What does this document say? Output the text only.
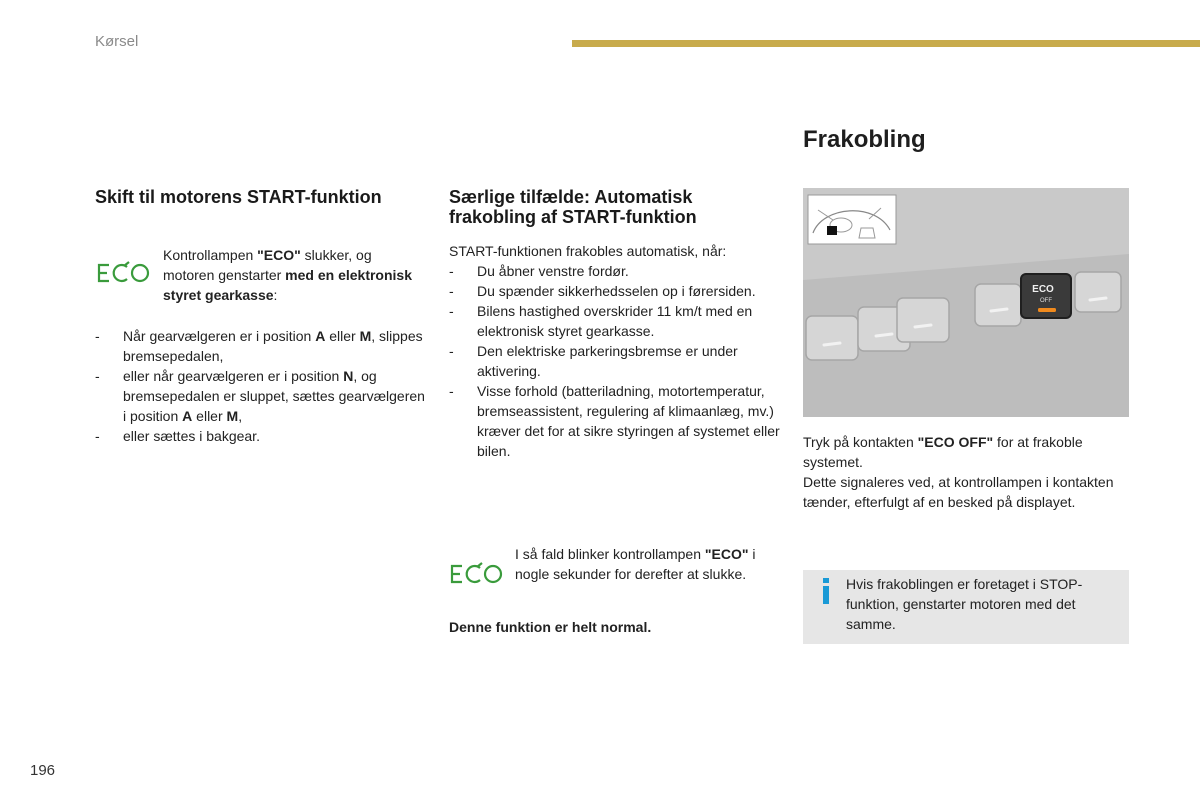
Kørsel
Frakobling
Skift til motorens START-funktion
Kontrollampen "ECO" slukker, og motoren genstarter med en elektronisk styret gearkasse:
- Når gearvælgeren er i position A eller M, slippes bremsepedalen,
- eller når gearvælgeren er i position N, og bremsepedalen er sluppet, sættes gearvælgeren i position A eller M,
- eller sættes i bakgear.
Særlige tilfælde: Automatisk
frakobling af START-funktion
START-funktionen frakobles automatisk, når:
- Du åbner venstre fordør.
- Du spænder sikkerhedsselen op i førersiden.
- Bilens hastighed overskrider 11 km/t med en elektronisk styret gearkasse.
- Den elektriske parkeringsbremse er under aktivering.
- Visse forhold (batteriladning, motortemperatur, bremseassistent, regulering af klimaanlæg, mv.) kræver det for at sikre styringen af systemet eller bilen.
I så fald blinker kontrollampen "ECO" i nogle sekunder for derefter at slukke.
Denne funktion er helt normal.
ECO
OFF
Tryk på kontakten "ECO OFF" for at frakoble systemet.
Dette signaleres ved, at kontrollampen i kontakten tænder, efterfulgt af en besked på displayet.
Hvis frakoblingen er foretaget i STOP-funktion, genstarter motoren med det samme.
196
